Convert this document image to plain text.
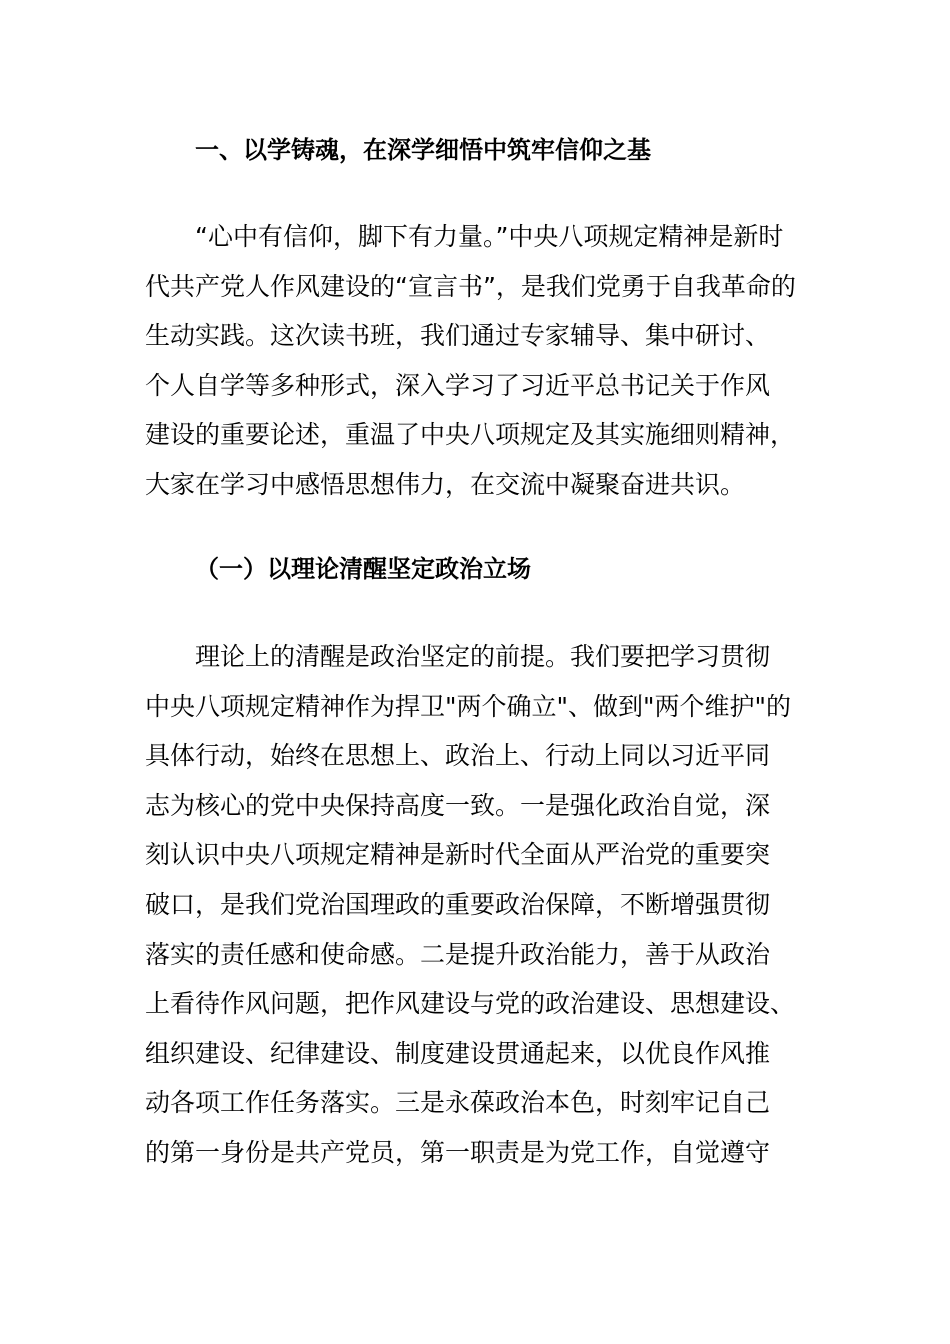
一、以学铸魂，在深学细悟中筑牢信仰之基
“心中有信仰，脚下有力量。”中央八项规定精神是新时
代共产党人作风建设的“宣言书”，是我们党勇于自我革命的
生动实践。这次读书班，我们通过专家辅导、集中研讨、
个人自学等多种形式，深入学习了习近平总书记关于作风
建设的重要论述，重温了中央八项规定及其实施细则精神，
大家在学习中感悟思想伟力，在交流中凝聚奋进共识。
（一）以理论清醒坚定政治立场
理论上的清醒是政治坚定的前提。我们要把学习贯彻
中央八项规定精神作为捍卫"两个确立"、做到"两个维护"的
具体行动，始终在思想上、政治上、行动上同以习近平同
志为核心的党中央保持高度一致。一是强化政治自觉，深
刻认识中央八项规定精神是新时代全面从严治党的重要突
破口，是我们党治国理政的重要政治保障，不断增强贯彻
落实的责任感和使命感。二是提升政治能力，善于从政治
上看待作风问题，把作风建设与党的政治建设、思想建设、
组织建设、纪律建设、制度建设贯通起来，以优良作风推
动各项工作任务落实。三是永葆政治本色，时刻牢记自己
的第一身份是共产党员，第一职责是为党工作，自觉遵守
